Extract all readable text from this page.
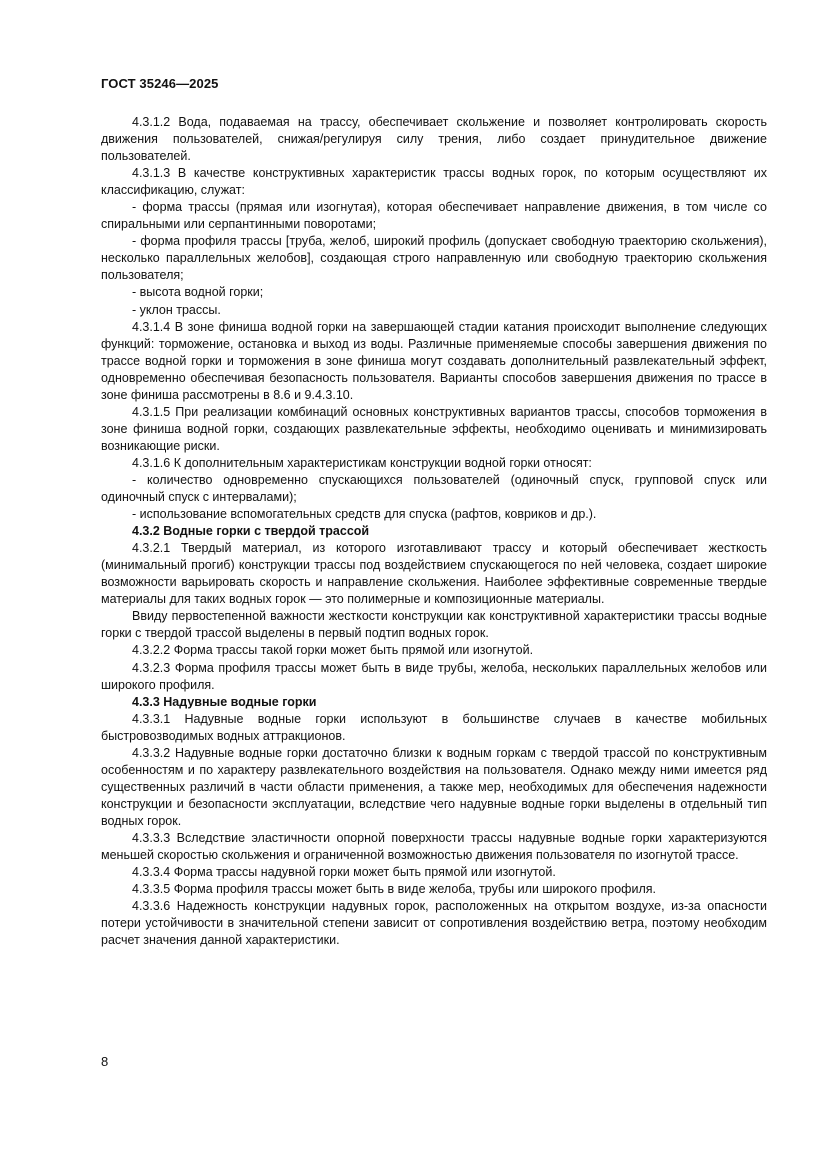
ГОСТ 35246—2025

4.3.1.2 Вода, подаваемая на трассу, обеспечивает скольжение и позволяет контролировать скорость движения пользователей, снижая/регулируя силу трения, либо создает принудительное движение пользователей.

4.3.1.3 В качестве конструктивных характеристик трассы водных горок, по которым осуществляют их классификацию, служат:

- форма трассы (прямая или изогнутая), которая обеспечивает направление движения, в том числе со спиральными или серпантинными поворотами;

- форма профиля трассы [труба, желоб, широкий профиль (допускает свободную траекторию скольжения), несколько параллельных желобов], создающая строго направленную или свободную траекторию скольжения пользователя;

- высота водной горки;

- уклон трассы.

4.3.1.4 В зоне финиша водной горки на завершающей стадии катания происходит выполнение следующих функций: торможение, остановка и выход из воды. Различные применяемые способы завершения движения по трассе водной горки и торможения в зоне финиша могут создавать дополнительный развлекательный эффект, одновременно обеспечивая безопасность пользователя. Варианты способов завершения движения по трассе в зоне финиша рассмотрены в 8.6 и 9.4.3.10.

4.3.1.5 При реализации комбинаций основных конструктивных вариантов трассы, способов торможения в зоне финиша водной горки, создающих развлекательные эффекты, необходимо оценивать и минимизировать возникающие риски.

4.3.1.6 К дополнительным характеристикам конструкции водной горки относят:

- количество одновременно спускающихся пользователей (одиночный спуск, групповой спуск или одиночный спуск с интервалами);

- использование вспомогательных средств для спуска (рафтов, ковриков и др.).

4.3.2 Водные горки с твердой трассой

4.3.2.1 Твердый материал, из которого изготавливают трассу и который обеспечивает жесткость (минимальный прогиб) конструкции трассы под воздействием спускающегося по ней человека, создает широкие возможности варьировать скорость и направление скольжения. Наиболее эффективные современные твердые материалы для таких водных горок — это полимерные и композиционные материалы.

Ввиду первостепенной важности жесткости конструкции как конструктивной характеристики трассы водные горки с твердой трассой выделены в первый подтип водных горок.

4.3.2.2 Форма трассы такой горки может быть прямой или изогнутой.

4.3.2.3 Форма профиля трассы может быть в виде трубы, желоба, нескольких параллельных желобов или широкого профиля.

4.3.3 Надувные водные горки

4.3.3.1 Надувные водные горки используют в большинстве случаев в качестве мобильных быстровозводимых водных аттракционов.

4.3.3.2 Надувные водные горки достаточно близки к водным горкам с твердой трассой по конструктивным особенностям и по характеру развлекательного воздействия на пользователя. Однако между ними имеется ряд существенных различий в части области применения, а также мер, необходимых для обеспечения надежности конструкции и безопасности эксплуатации, вследствие чего надувные водные горки выделены в отдельный тип водных горок.

4.3.3.3 Вследствие эластичности опорной поверхности трассы надувные водные горки характеризуются меньшей скоростью скольжения и ограниченной возможностью движения пользователя по изогнутой трассе.

4.3.3.4 Форма трассы надувной горки может быть прямой или изогнутой.

4.3.3.5 Форма профиля трассы может быть в виде желоба, трубы или широкого профиля.

4.3.3.6 Надежность конструкции надувных горок, расположенных на открытом воздухе, из-за опасности потери устойчивости в значительной степени зависит от сопротивления воздействию ветра, поэтому необходим расчет значения данной характеристики.

8
